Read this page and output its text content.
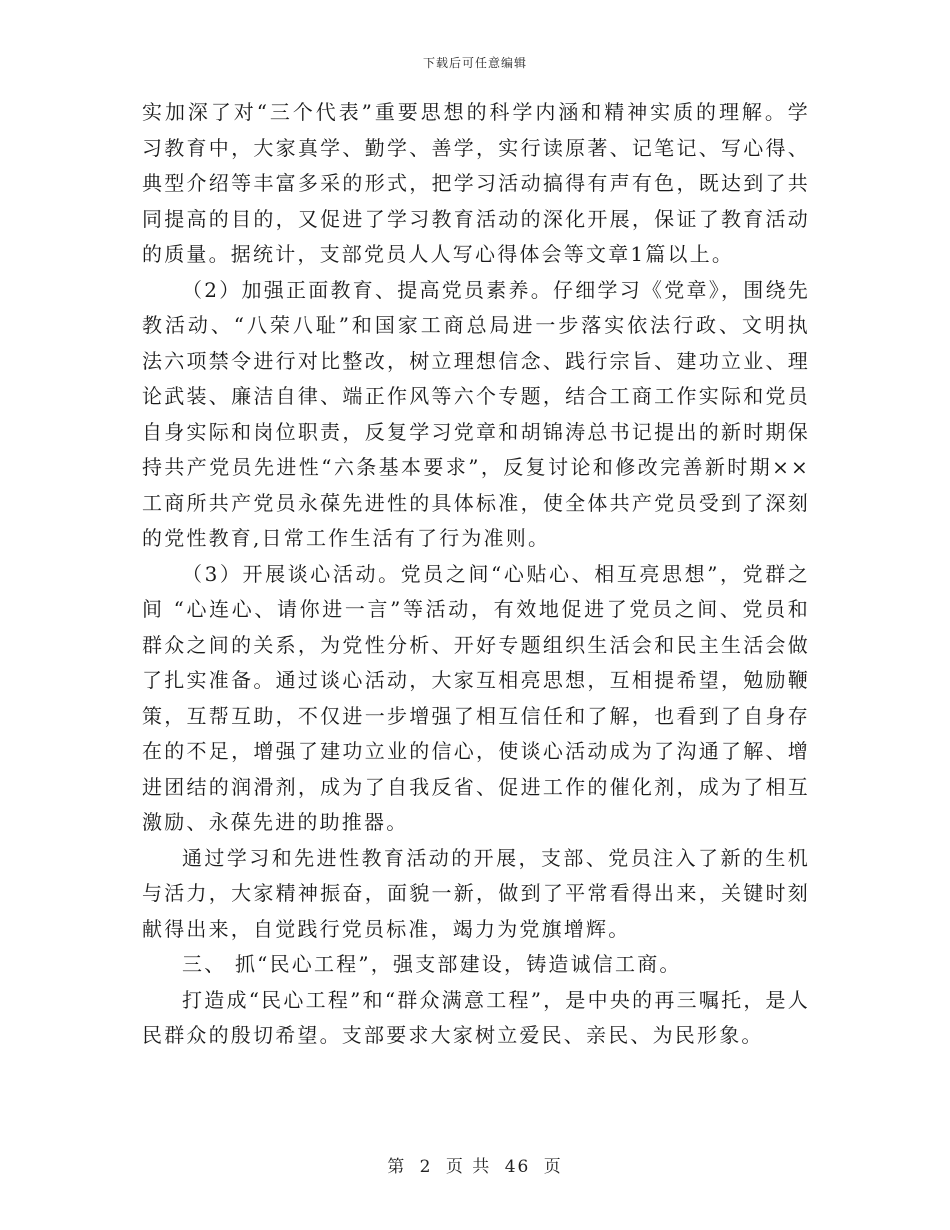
下载后可任意编辑

实加深了对“三个代表”重要思想的科学内涵和精神实质的理解。学习教育中，大家真学、勤学、善学，实行读原著、记笔记、写心得、典型介绍等丰富多采的形式，把学习活动搞得有声有色，既达到了共同提高的目的，又促进了学习教育活动的深化开展，保证了教育活动的质量。据统计，支部党员人人写心得体会等文章1篇以上。

（2）加强正面教育、提高党员素养。仔细学习《党章》，围绕先教活动、“八荣八耻”和国家工商总局进一步落实依法行政、文明执法六项禁令进行对比整改，树立理想信念、践行宗旨、建功立业、理论武装、廉洁自律、端正作风等六个专题，结合工商工作实际和党员自身实际和岗位职责，反复学习党章和胡锦涛总书记提出的新时期保持共产党员先进性“六条基本要求”，反复讨论和修改完善新时期××工商所共产党员永葆先进性的具体标准，使全体共产党员受到了深刻的党性教育,日常工作生活有了行为准则。

（3）开展谈心活动。党员之间“心贴心、相互亮思想”，党群之间 “心连心、请你进一言”等活动，有效地促进了党员之间、党员和群众之间的关系，为党性分析、开好专题组织生活会和民主生活会做了扎实准备。通过谈心活动，大家互相亮思想，互相提希望，勉励鞭策，互帮互助，不仅进一步增强了相互信任和了解，也看到了自身存在的不足，增强了建功立业的信心，使谈心活动成为了沟通了解、增进团结的润滑剂，成为了自我反省、促进工作的催化剂，成为了相互激励、永葆先进的助推器。

通过学习和先进性教育活动的开展，支部、党员注入了新的生机与活力，大家精神振奋，面貌一新，做到了平常看得出来，关键时刻献得出来，自觉践行党员标准，竭力为党旗增辉。

三、 抓“民心工程”，强支部建设，铸造诚信工商。

打造成“民心工程”和“群众满意工程”，是中央的再三嘱托，是人民群众的殷切希望。支部要求大家树立爱民、亲民、为民形象。

第 2 页 共 46 页
